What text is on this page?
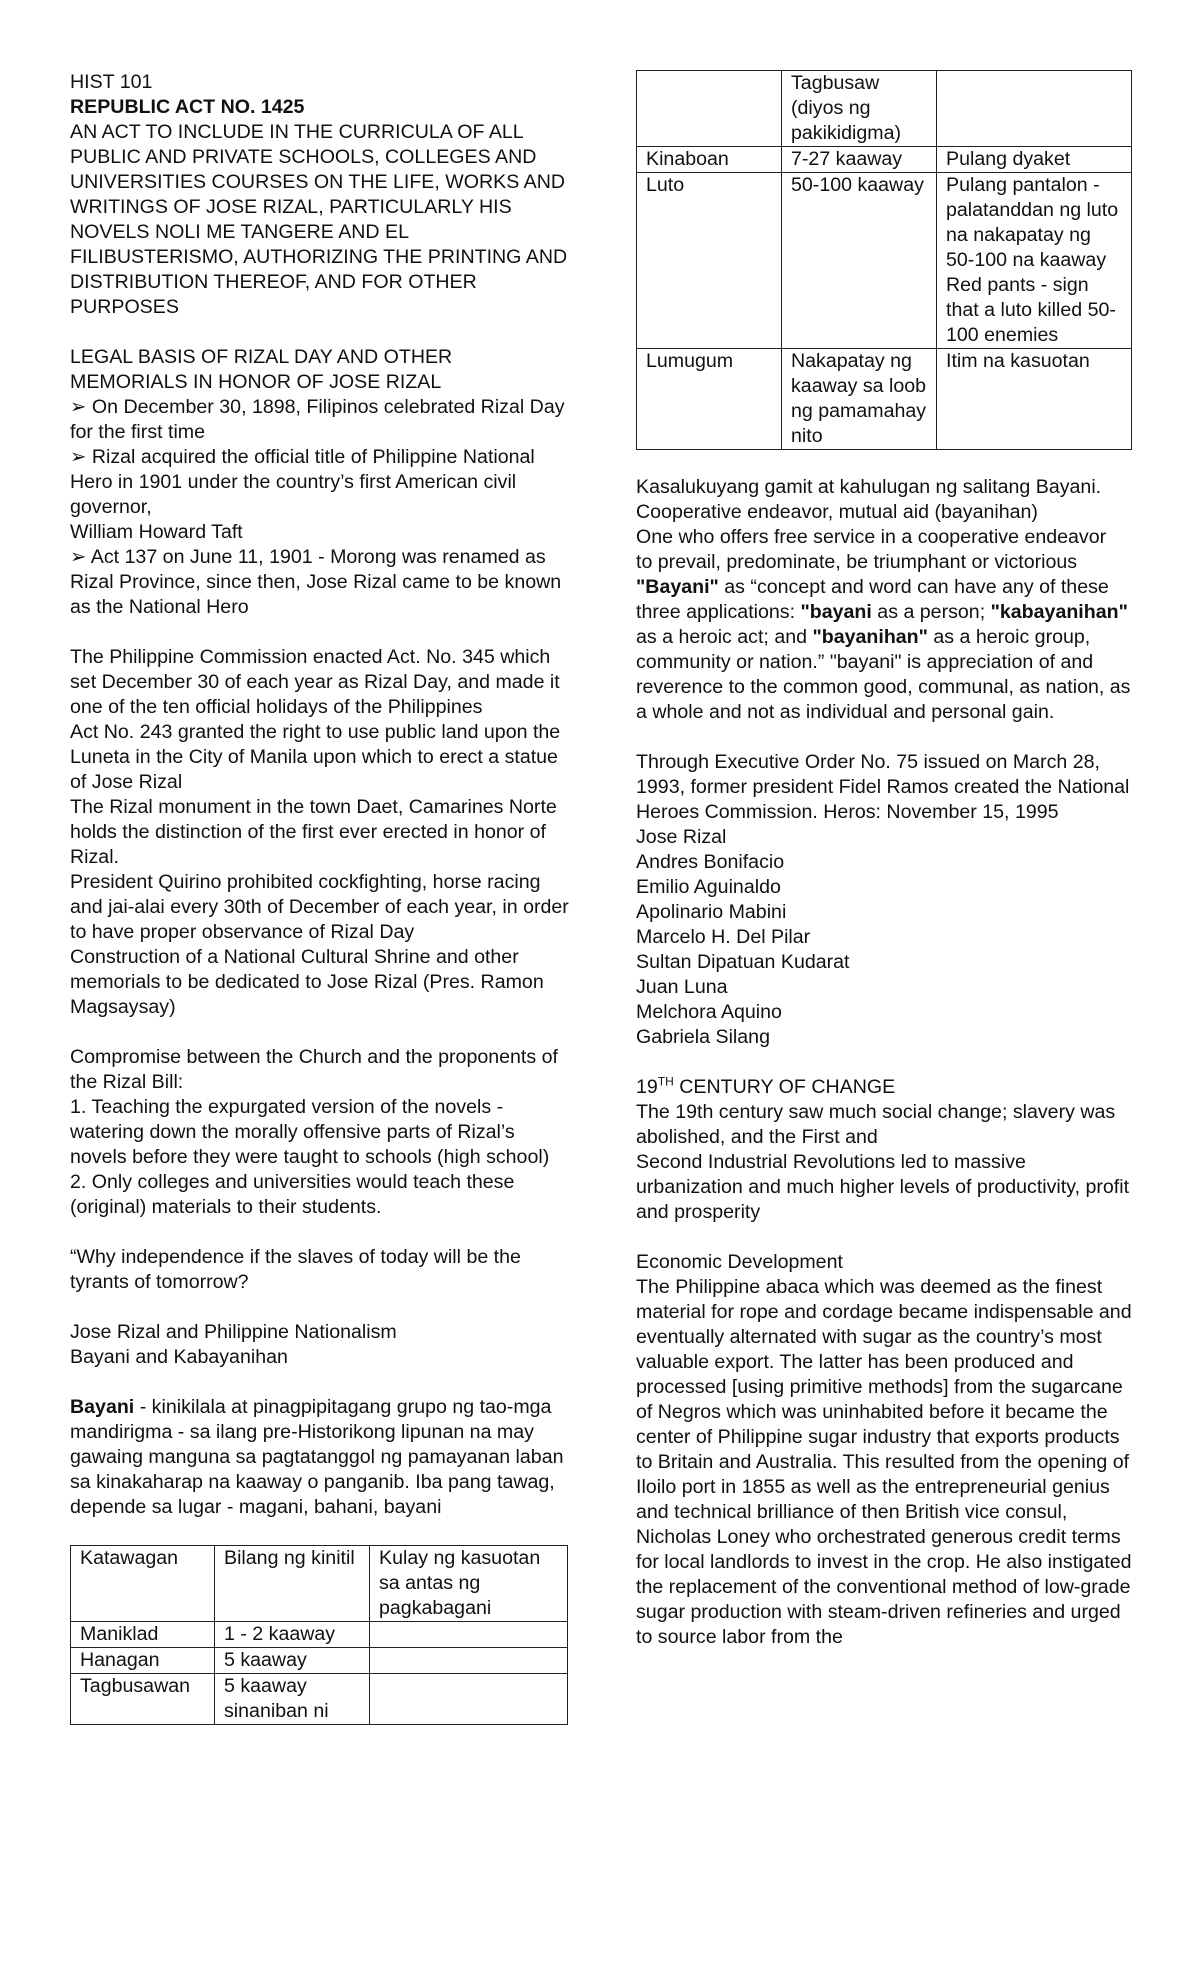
HIST 101

REPUBLIC ACT NO. 1425

AN ACT TO INCLUDE IN THE CURRICULA OF ALL PUBLIC AND PRIVATE SCHOOLS, COLLEGES AND UNIVERSITIES COURSES ON THE LIFE, WORKS AND WRITINGS OF JOSE RIZAL, PARTICULARLY HIS NOVELS NOLI ME TANGERE AND EL FILIBUSTERISMO, AUTHORIZING THE PRINTING AND DISTRIBUTION THEREOF, AND FOR OTHER PURPOSES

LEGAL BASIS OF RIZAL DAY AND OTHER MEMORIALS IN HONOR OF JOSE RIZAL

➢ On December 30, 1898, Filipinos celebrated Rizal Day for the first time

➢ Rizal acquired the official title of Philippine National Hero in 1901 under the country’s first American civil governor,

William Howard Taft

➢ Act 137 on June 11, 1901 - Morong was renamed as Rizal Province, since then, Jose Rizal came to be known as the National Hero

The Philippine Commission enacted Act. No. 345 which set December 30 of each year as Rizal Day, and made it one of the ten official holidays of the Philippines

Act No. 243 granted the right to use public land upon the Luneta in the City of Manila upon which to erect a statue of Jose Rizal

The Rizal monument in the town Daet, Camarines Norte holds the distinction of the first ever erected in honor of Rizal.

President Quirino prohibited cockfighting, horse racing and jai-alai every 30th of December of each year, in order to have proper observance of Rizal Day

Construction of a National Cultural Shrine and other memorials to be dedicated to Jose Rizal (Pres. Ramon Magsaysay)

Compromise between the Church and the proponents of the Rizal Bill:

1. Teaching the expurgated version of the novels - watering down the morally offensive parts of Rizal’s novels before they were taught to schools (high school)

2. Only colleges and universities would teach these (original) materials to their students.

“Why independence if the slaves of today will be the tyrants of tomorrow?

Jose Rizal and Philippine Nationalism

Bayani and Kabayanihan

Bayani - kinikilala at pinagpipitagang grupo ng tao-mga mandirigma - sa ilang pre-Historikong lipunan na may gawaing manguna sa pagtatanggol ng pamayanan laban sa kinakaharap na kaaway o panganib. Iba pang tawag, depende sa lugar - magani, bahani, bayani

Katawagan	Bilang ng kinitil	Kulay ng kasuotan sa antas ng pagkabagani
Maniklad	1 - 2 kaaway	
Hanagan	5 kaaway	
Tagbusawan	5 kaaway sinaniban ni	
	Tagbusaw (diyos ng pakikidigma)	
Kinaboan	7-27 kaaway	Pulang dyaket
Luto	50-100 kaaway	Pulang pantalon - palatanddan ng luto na nakapatay ng 50-100 na kaaway Red pants - sign that a luto killed 50-100 enemies
Lumugum	Nakapatay ng kaaway sa loob ng pamamahay nito	Itim na kasuotan

Kasalukuyang gamit at kahulugan ng salitang Bayani.

Cooperative endeavor, mutual aid (bayanihan)

One who offers free service in a cooperative endeavor

to prevail, predominate, be triumphant or victorious

"Bayani" as “concept and word can have any of these three applications: "bayani as a person; "kabayanihan" as a heroic act; and "bayanihan" as a heroic group, community or nation.” "bayani" is appreciation of and reverence to the common good, communal, as nation, as a whole and not as individual and personal gain.

Through Executive Order No. 75 issued on March 28, 1993, former president Fidel Ramos created the National Heroes Commission. Heros: November 15, 1995

Jose Rizal

Andres Bonifacio

Emilio Aguinaldo

Apolinario Mabini

Marcelo H. Del Pilar

Sultan Dipatuan Kudarat

Juan Luna

Melchora Aquino

Gabriela Silang

19TH CENTURY OF CHANGE

The 19th century saw much social change; slavery was abolished, and the First and

Second Industrial Revolutions led to massive urbanization and much higher levels of productivity, profit and prosperity

Economic Development

The Philippine abaca which was deemed as the finest material for rope and cordage became indispensable and eventually alternated with sugar as the country’s most valuable export. The latter has been produced and processed [using primitive methods] from the sugarcane of Negros which was uninhabited before it became the center of Philippine sugar industry that exports products to Britain and Australia. This resulted from the opening of Iloilo port in 1855 as well as the entrepreneurial genius and technical brilliance of then British vice consul, Nicholas Loney who orchestrated generous credit terms for local landlords to invest in the crop. He also instigated the replacement of the conventional method of low-grade sugar production with steam-driven refineries and urged to source labor from the
